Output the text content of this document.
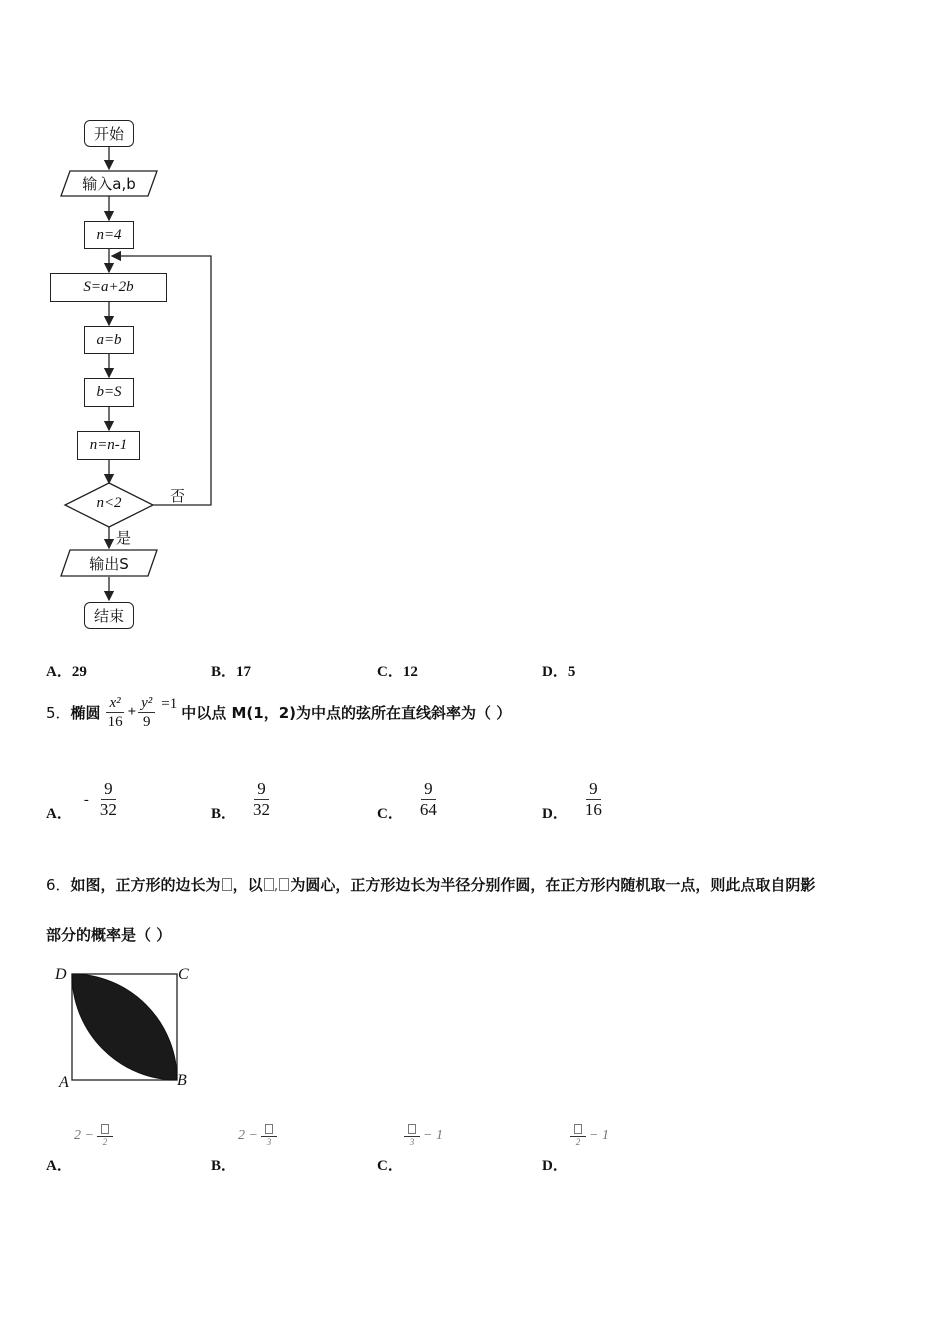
开始
输入a,b
n=4
S=a+2b
a=b
b=S
n=n-1
n<2	否
是
输出S
结束
A．29	B．17	C．12	D．5
5． 椭圆 $\frac{\text{x²}}{16} + \frac{\text{y²}}{9} =1$ 中以点 M(1，2)为中点的弦所在直线斜率为（ ）
A．
- $\frac{9}{32}$	B． $\frac{9}{32}$	C． $\frac{9}{64}$	D． $\frac{9}{16}$
6．如图，正方形的边长为 ，以 , 为圆心，正方形边长为半径分别作圆，在正方形内随机取一点，则此点取自阴影
部分的概率是（ ）
D	C
A	B
2 − 2
A．
2 − 3
B．
3 − 1
C．
2 − 1
D．
